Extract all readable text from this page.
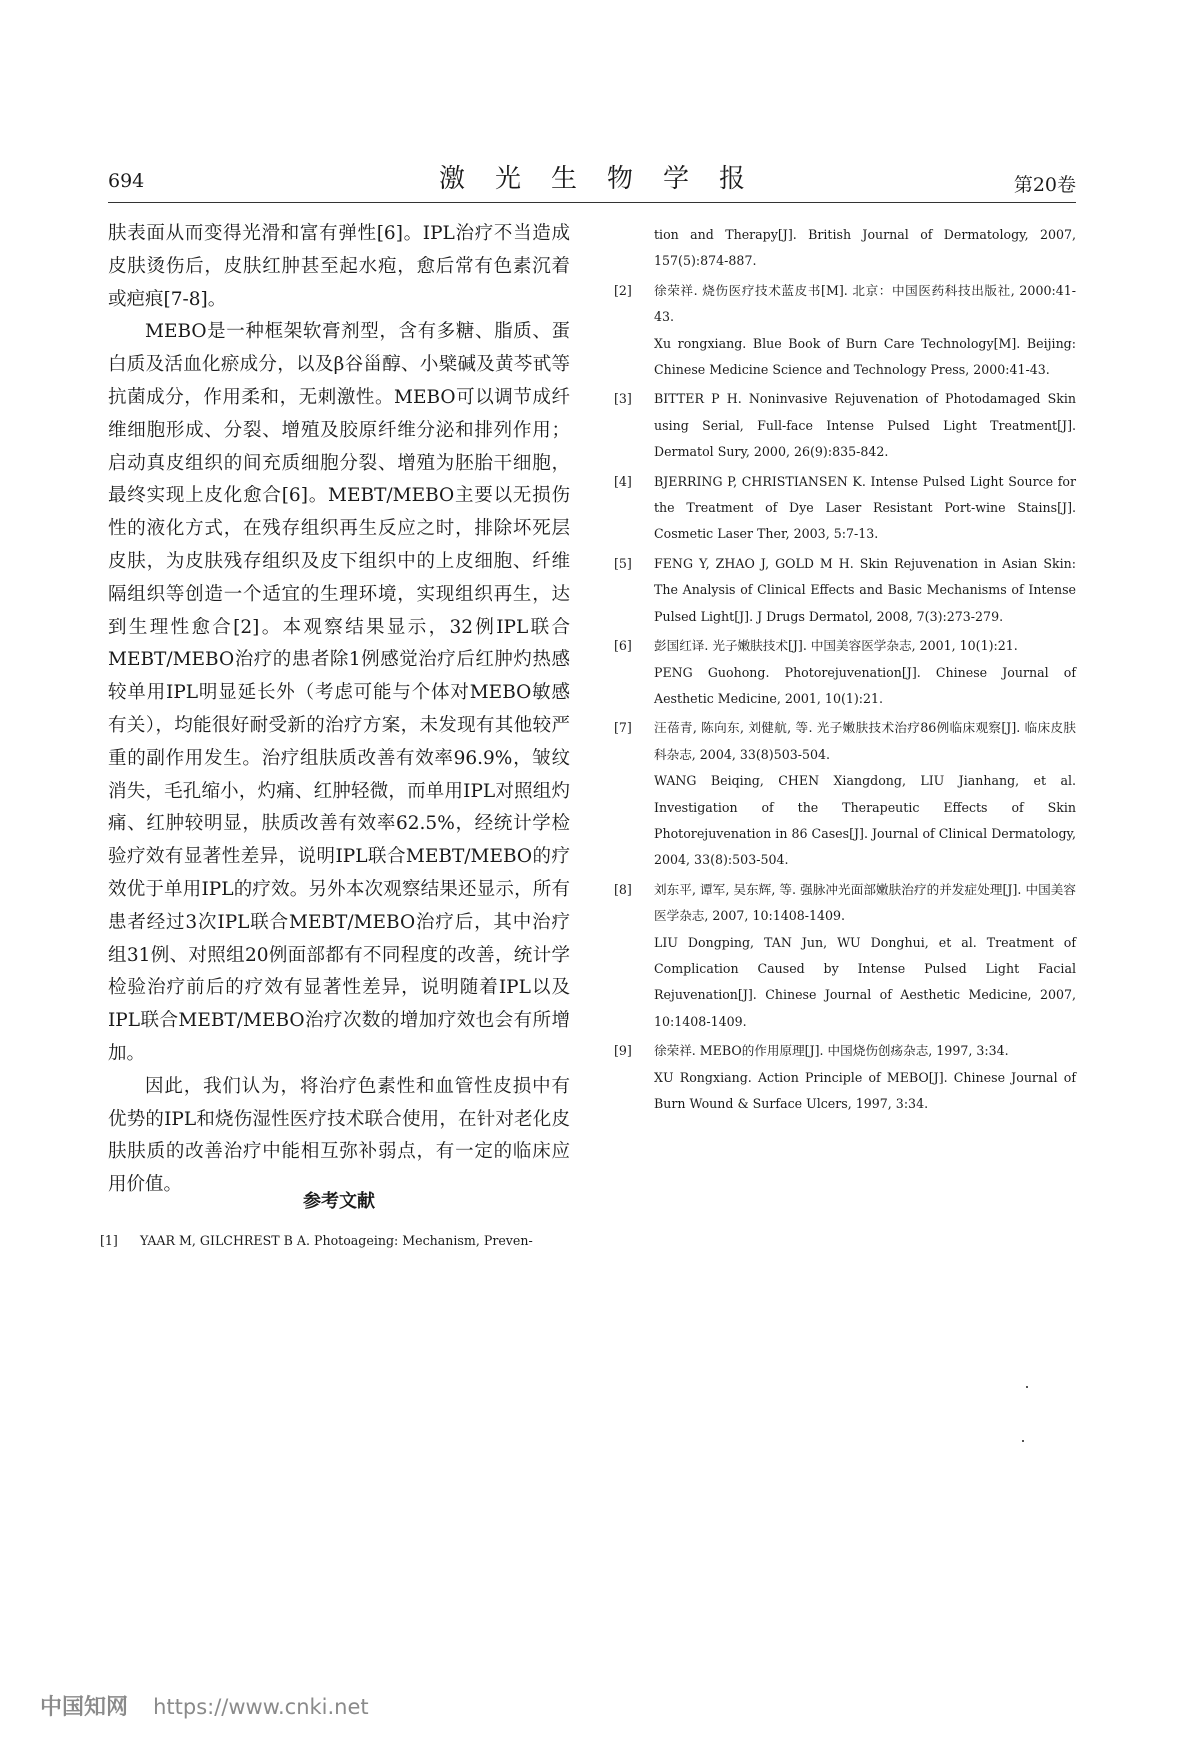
694	激光生物学报	第20卷

肤表面从而变得光滑和富有弹性[6]。IPL治疗不当造成皮肤烫伤后，皮肤红肿甚至起水疱，愈后常有色素沉着或疤痕[7-8]。

MEBO是一种框架软膏剂型，含有多糖、脂质、蛋白质及活血化瘀成分，以及β谷甾醇、小檗碱及黄芩甙等抗菌成分，作用柔和，无刺激性。MEBO可以调节成纤维细胞形成、分裂、增殖及胶原纤维分泌和排列作用；启动真皮组织的间充质细胞分裂、增殖为胚胎干细胞，最终实现上皮化愈合[6]。MEBT/MEBO主要以无损伤性的液化方式，在残存组织再生反应之时，排除坏死层皮肤，为皮肤残存组织及皮下组织中的上皮细胞、纤维隔组织等创造一个适宜的生理环境，实现组织再生，达到生理性愈合[2]。本观察结果显示，32例IPL联合MEBT/MEBO治疗的患者除1例感觉治疗后红肿灼热感较单用IPL明显延长外（考虑可能与个体对MEBO敏感有关），均能很好耐受新的治疗方案，未发现有其他较严重的副作用发生。治疗组肤质改善有效率96.9%，皱纹消失，毛孔缩小，灼痛、红肿轻微，而单用IPL对照组灼痛、红肿较明显，肤质改善有效率62.5%，经统计学检验疗效有显著性差异，说明IPL联合MEBT/MEBO的疗效优于单用IPL的疗效。另外本次观察结果还显示，所有患者经过3次IPL联合MEBT/MEBO治疗后，其中治疗组31例、对照组20例面部都有不同程度的改善，统计学检验治疗前后的疗效有显著性差异，说明随着IPL以及IPL联合MEBT/MEBO治疗次数的增加疗效也会有所增加。

因此，我们认为，将治疗色素性和血管性皮损中有优势的IPL和烧伤湿性医疗技术联合使用，在针对老化皮肤肤质的改善治疗中能相互弥补弱点，有一定的临床应用价值。

参考文献
[1]	YAAR M, GILCHREST B A. Photoageing: Mechanism, Preven-
tion and Therapy[J]. British Journal of Dermatology, 2007, 157(5):874-887.
[2]	徐荣祥. 烧伤医疗技术蓝皮书[M]. 北京：中国医药科技出版社, 2000:41-43.
Xu rongxiang. Blue Book of Burn Care Technology[M]. Beijing: Chinese Medicine Science and Technology Press, 2000:41-43.
[3]	BITTER P H. Noninvasive Rejuvenation of Photodamaged Skin using Serial, Full-face Intense Pulsed Light Treatment[J]. Dermatol Sury, 2000, 26(9):835-842.
[4]	BJERRING P, CHRISTIANSEN K. Intense Pulsed Light Source for the Treatment of Dye Laser Resistant Port-wine Stains[J]. Cosmetic Laser Ther, 2003, 5:7-13.
[5]	FENG Y, ZHAO J, GOLD M H. Skin Rejuvenation in Asian Skin: The Analysis of Clinical Effects and Basic Mechanisms of Intense Pulsed Light[J]. J Drugs Dermatol, 2008, 7(3):273-279.
[6]	彭国红译. 光子嫩肤技术[J]. 中国美容医学杂志, 2001, 10(1):21.
PENG Guohong. Photorejuvenation[J]. Chinese Journal of Aesthetic Medicine, 2001, 10(1):21.
[7]	汪蓓青, 陈向东, 刘健航, 等. 光子嫩肤技术治疗86例临床观察[J]. 临床皮肤科杂志, 2004, 33(8)503-504.
WANG Beiqing, CHEN Xiangdong, LIU Jianhang, et al. Investigation of the Therapeutic Effects of Skin Photorejuvenation in 86 Cases[J]. Journal of Clinical Dermatology, 2004, 33(8):503-504.
[8]	刘东平, 谭军, 吴东辉, 等. 强脉冲光面部嫩肤治疗的并发症处理[J]. 中国美容医学杂志, 2007, 10:1408-1409.
LIU Dongping, TAN Jun, WU Donghui, et al. Treatment of Complication Caused by Intense Pulsed Light Facial Rejuvenation[J]. Chinese Journal of Aesthetic Medicine, 2007, 10:1408-1409.
[9]	徐荣祥. MEBO的作用原理[J]. 中国烧伤创疡杂志, 1997, 3:34.
XU Rongxiang. Action Principle of MEBO[J]. Chinese Journal of Burn Wound & Surface Ulcers, 1997, 3:34.
中国知网 https://www.cnki.net
